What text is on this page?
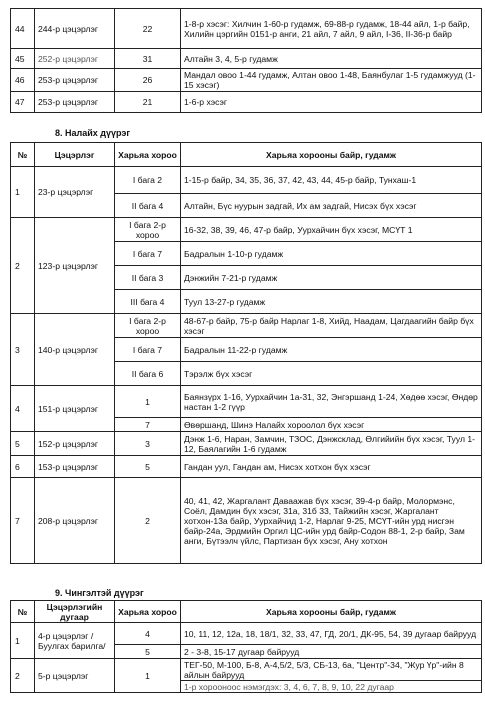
44	244-р цэцэрлэг	22	1-8-р хэсэг: Хилчин 1-60-р гудамж, 69-88-р гудамж, 18-44 айл, 1-р байр, Хилийн цэргийн 0151-р анги, 21 айл, 7 айл, 9 айл, I-36, II-36-р байр
45	252-р цэцэрлэг	31	Алтайн 3, 4, 5-р гудамж
46	253-р цэцэрлэг	26	Мандал овоо 1-44 гудамж, Алтан овоо 1-48, Баянбулаг 1-5 гудамжууд (1-15 хэсэг)
47	253-р цэцэрлэг	21	1-6-р хэсэг
8. Налайх дүүрэг
№	Цэцэрлэг	Харьяа хороо	Харьяа хорооны байр, гудамж
1	23-р цэцэрлэг	I бага 2	1-15-р байр, 34, 35, 36, 37, 42, 43, 44, 45-р байр, Тунхаш-1
		II бага 4	Алтайн, Бүс нуурын задгай, Их ам задгай, Нисэх бүх хэсэг
2	123-р цэцэрлэг	I бага 2-р хороо	16-32, 38, 39, 46, 47-р байр, Уурхайчин бүх хэсэг, МСҮТ 1
		I бага 7	Бадралын 1-10-р гудамж
		II бага 3	Дэнжийн 7-21-р гудамж
		III бага 4	Туул 13-27-р гудамж
3	140-р цэцэрлэг	I бага 2-р хороо	48-67-р байр, 75-р байр Нарлаг 1-8, Хийд, Наадам, Цагдаагийн байр бүх хэсэг
		I бага 7	Бадралын 11-22-р гудамж
		II бага 6	Тэрэлж бүх хэсэг
4	151-р цэцэрлэг	1	Баянзүрх 1-16, Уурхайчин 1а-31, 32, Энгэршанд 1-24, Хөдөө хэсэг, Өндөр настан 1-2 гүүр
		7	Өвөршанд, Шинэ Налайх хороолол бүх хэсэг
5	152-р цэцэрлэг	3	Дэнж 1-6, Наран, Замчин, ТЗОС, Дэнжсклад, Өлгийийн бүх хэсэг, Туул 1-12, Баялагийн 1-6 гудамж
6	153-р цэцэрлэг	5	Гандан уул, Гандан ам, Нисэх хотхон бүх хэсэг
7	208-р цэцэрлэг	2	40, 41, 42, Жаргалант Даваажав бүх хэсэг, 39-4-р байр, Молормэнс, Соёл, Дамдин бүх хэсэг, 31а, 31б 33, Тайжийн хэсэг, Жаргалант хотхон-13а байр, Уурхайчид 1-2, Нарлаг 9-25, МСҮТ-ийн урд нисгэн байр-24а, Эрдмийн Оргил ЦС-ийн урд байр-Содон 88-1, 2-р байр, Зам анги, Бүтээлч үйлс, Партизан бүх хэсэг, Ану хотхон
9. Чингэлтэй дүүрэг
№	Цэцэрлэгийн дугаар	Харьяа хороо	Харьяа хорооны байр, гудамж
1	4-р цэцэрлэг /Буулгах барилга/	4	10, 11, 12, 12а, 18, 18/1, 32, 33, 47, ГД, 20/1, ДК-95, 54, 39 дугаар байрууд
		5	2 - 3-8, 15-17 дугаар байрууд
2	5-р цэцэрлэг	1	ТЕГ-50, М-100, Б-8, А-4,5/2, 5/3, СБ-13, 6а, "Центр"-34, "Жур Үр"-ийн 8 айлын байрууд
			1-р хорооноос нэмэгдэх: 3, 4, 6, 7, 8, 9, 10, 22 дугаар
